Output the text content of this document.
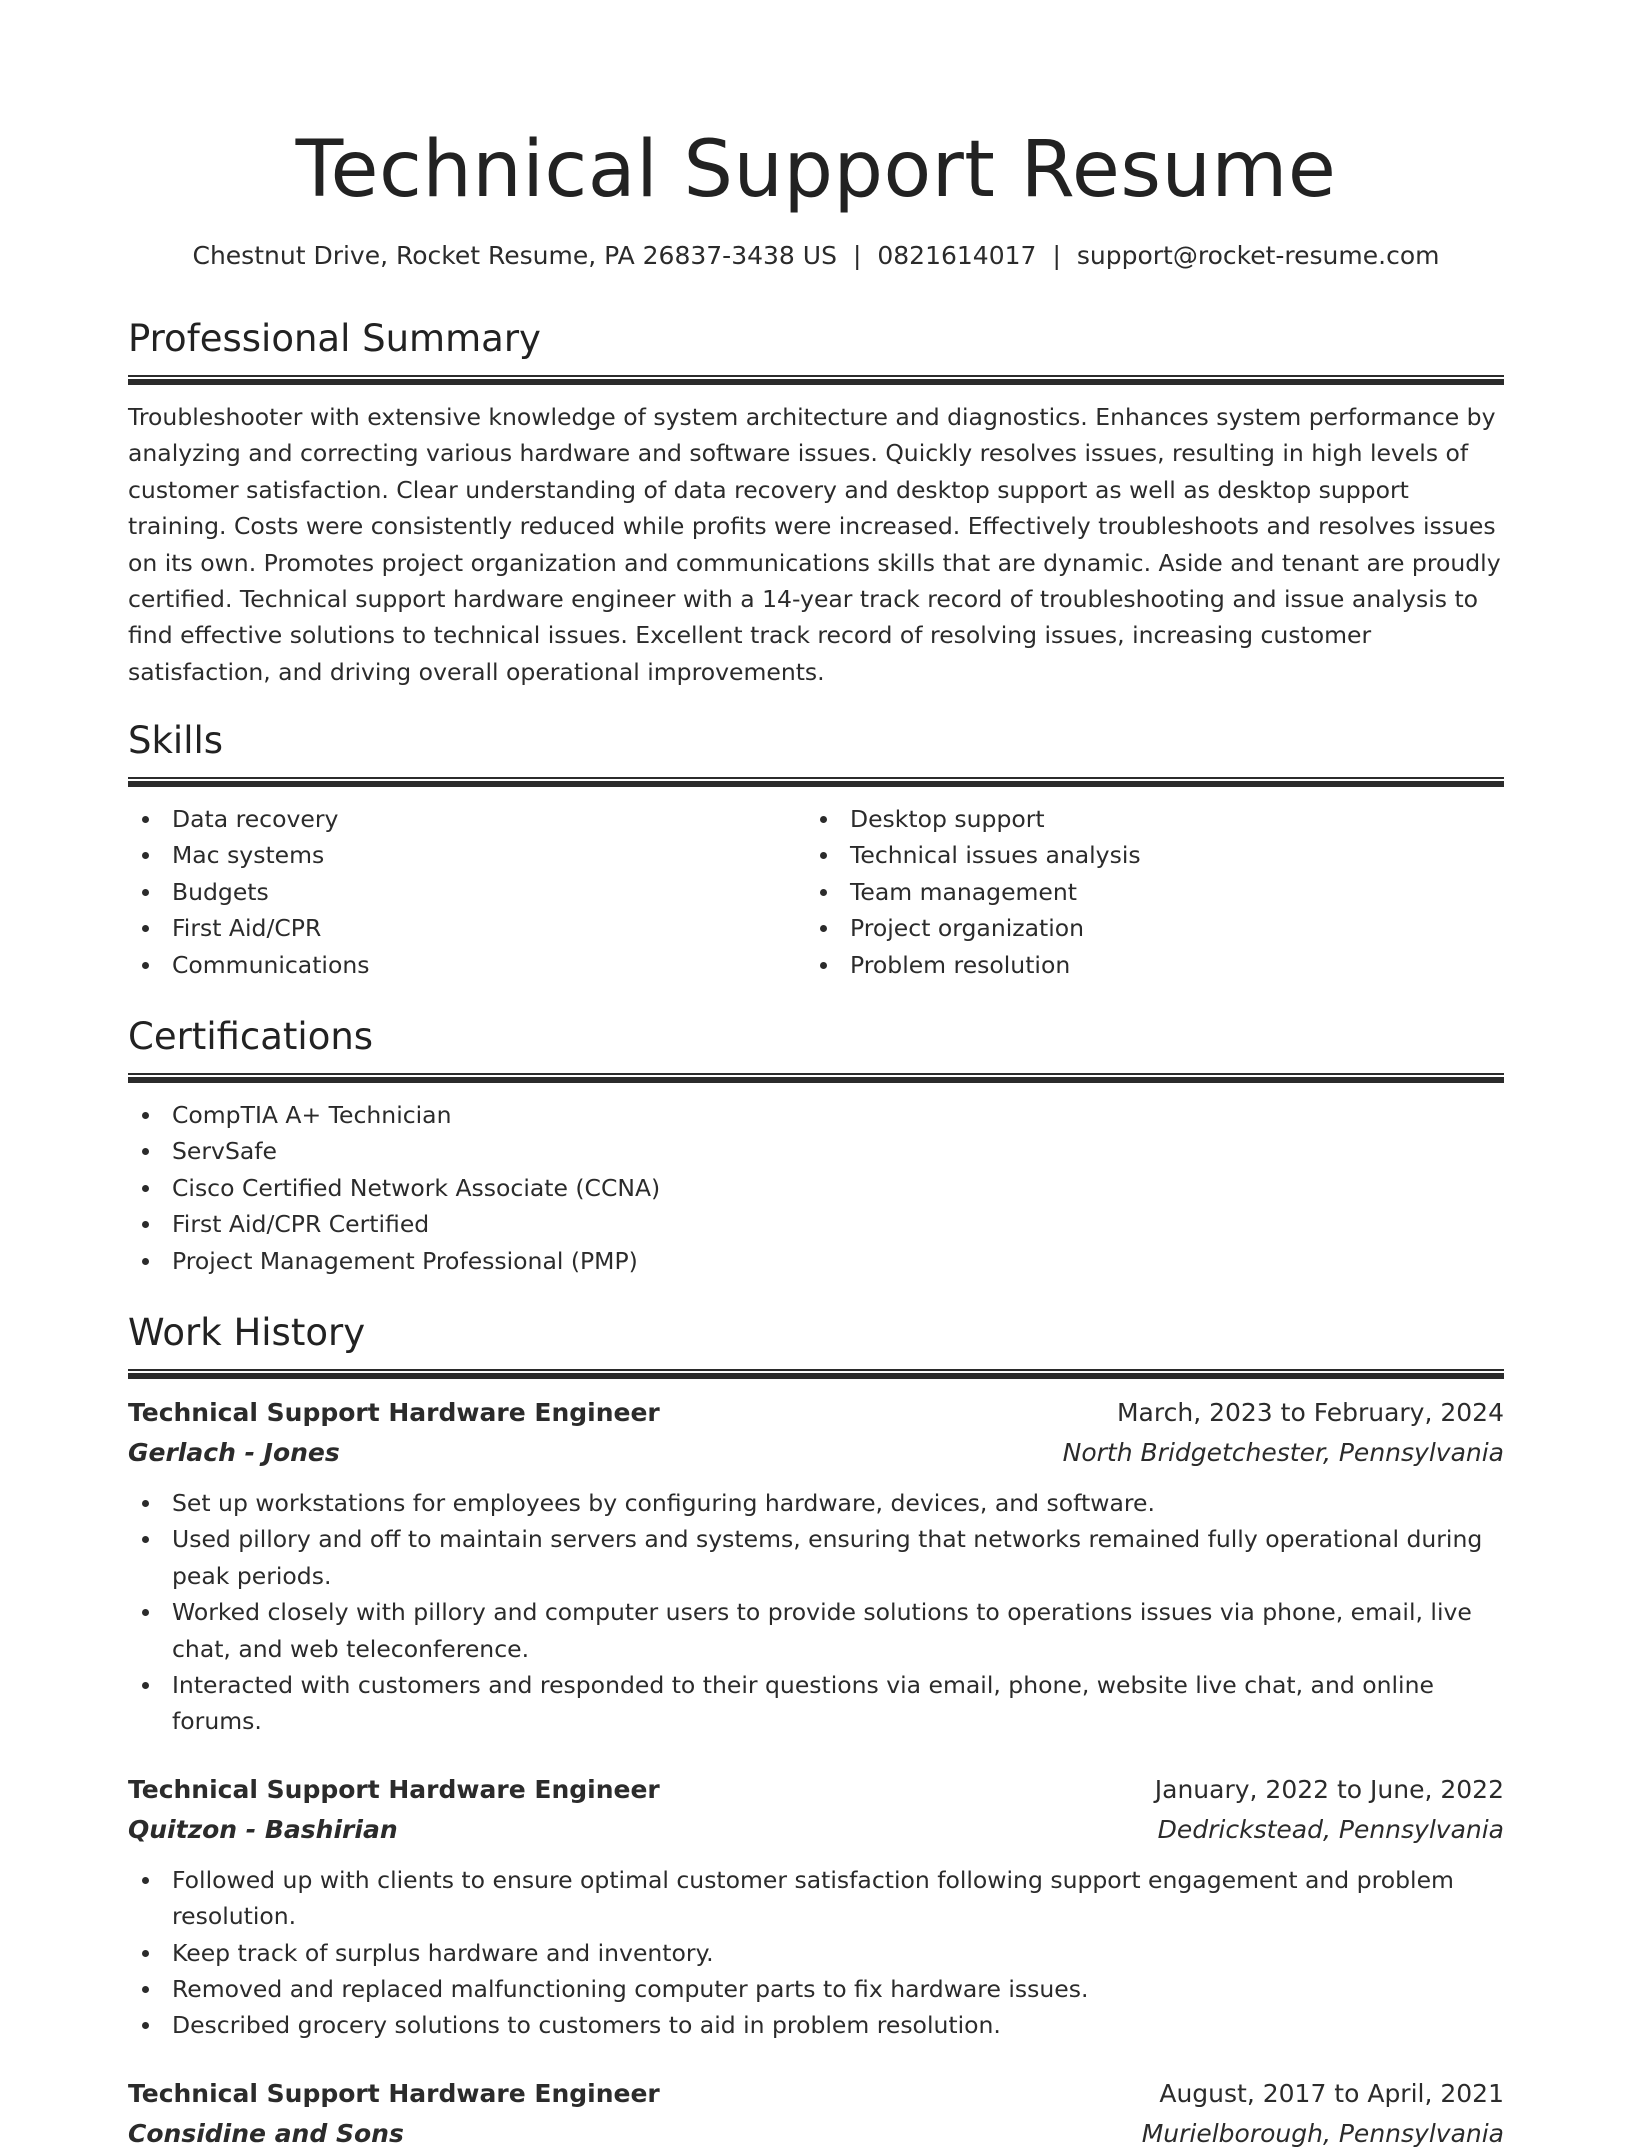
Technical Support Resume
Chestnut Drive, Rocket Resume, PA 26837-3438 US | 0821614017 | support@rocket-resume.com
Professional Summary

Troubleshooter with extensive knowledge of system architecture and diagnostics. Enhances system performance by analyzing and correcting various hardware and software issues. Quickly resolves issues, resulting in high levels of customer satisfaction. Clear understanding of data recovery and desktop support as well as desktop support training. Costs were consistently reduced while profits were increased. Effectively troubleshoots and resolves issues on its own. Promotes project organization and communications skills that are dynamic. Aside and tenant are proudly certified. Technical support hardware engineer with a 14-year track record of troubleshooting and issue analysis to find effective solutions to technical issues. Excellent track record of resolving issues, increasing customer satisfaction, and driving overall operational improvements.

Skills
Data recovery
Mac systems
Budgets
First Aid/CPR
Communications
Desktop support
Technical issues analysis
Team management
Project organization
Problem resolution
Certifications
CompTIA A+ Technician
ServSafe
Cisco Certified Network Associate (CCNA)
First Aid/CPR Certified
Project Management Professional (PMP)
Work History
Technical Support Hardware Engineer	March, 2023 to February, 2024
Gerlach - Jones	North Bridgetchester, Pennsylvania
Set up workstations for employees by configuring hardware, devices, and software.
Used pillory and off to maintain servers and systems, ensuring that networks remained fully operational during peak periods.
Worked closely with pillory and computer users to provide solutions to operations issues via phone, email, live chat, and web teleconference.
Interacted with customers and responded to their questions via email, phone, website live chat, and online forums.
Technical Support Hardware Engineer	January, 2022 to June, 2022
Quitzon - Bashirian	Dedrickstead, Pennsylvania
Followed up with clients to ensure optimal customer satisfaction following support engagement and problem resolution.
Keep track of surplus hardware and inventory.
Removed and replaced malfunctioning computer parts to fix hardware issues.
Described grocery solutions to customers to aid in problem resolution.
Technical Support Hardware Engineer	August, 2017 to April, 2021
Considine and Sons	Murielborough, Pennsylvania
